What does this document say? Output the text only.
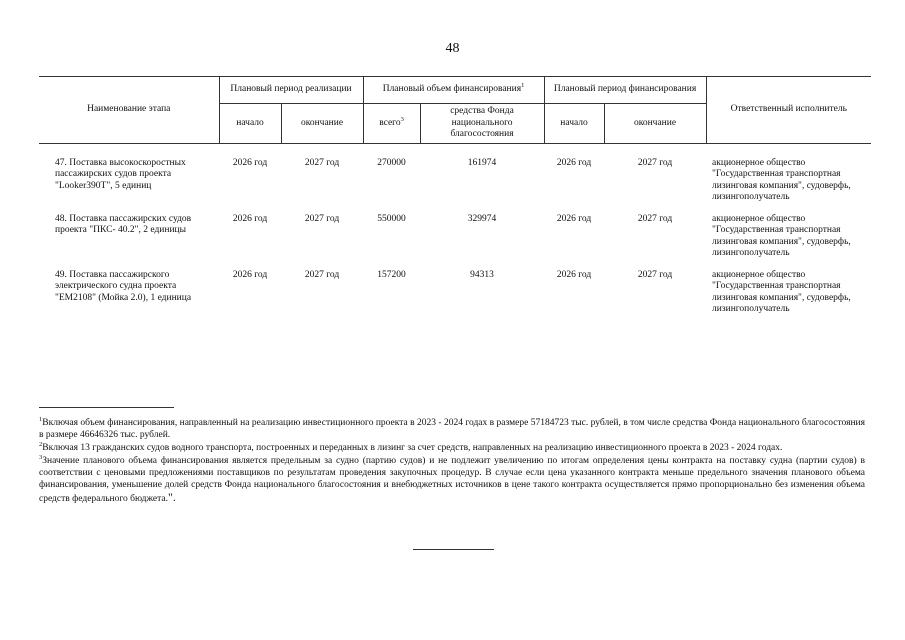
48
Наименование этапа	Плановый период реализации		Плановый объем финансирования$^1$		Плановый период финансирования		Ответственный исполнитель
	начало	окончание	всего$^3$	средства Фонда национального благосостояния	начало	окончание	
47. Поставка высокоскоростных пассажирских судов проекта "Looker390T", 5 единиц	2026 год	2027 год	270000	161974	2026 год	2027 год	акционерное общество "Государственная транспортная лизинговая компания", судоверфь, лизингополучатель
48. Поставка пассажирских судов проекта "ПКС- 40.2", 2 единицы	2026 год	2027 год	550000	329974	2026 год	2027 год	акционерное общество "Государственная транспортная лизинговая компания", судоверфь, лизингополучатель
49. Поставка пассажирского электрического судна проекта "ЕМ2108" (Мойка 2.0), 1 единица	2026 год	2027 год	157200	94313	2026 год	2027 год	акционерное общество "Государственная транспортная лизинговая компания", судоверфь, лизингополучатель

$^1$Включая объем финансирования, направленный на реализацию инвестиционного проекта в 2023 - 2024 годах в размере 57184723 тыс. рублей, в том числе средства Фонда национального благосостояния в размере 46646326 тыс. рублей.

$^2$Включая 13 гражданских судов водного транспорта, построенных и переданных в лизинг за счет средств, направленных на реализацию инвестиционного проекта в 2023 - 2024 годах.

$^3$Значение планового объема финансирования является предельным за судно (партию судов) и не подлежит увеличению по итогам определения цены контракта на поставку судна (партии судов) в соответствии с ценовыми предложениями поставщиков по результатам проведения закупочных процедур. В случае если цена указанного контракта меньше предельного значения планового объема финансирования, уменьшение долей средств Фонда национального благосостояния и внебюджетных источников в цене такого контракта осуществляется прямо пропорционально без изменения объема средств федерального бюджета.".
